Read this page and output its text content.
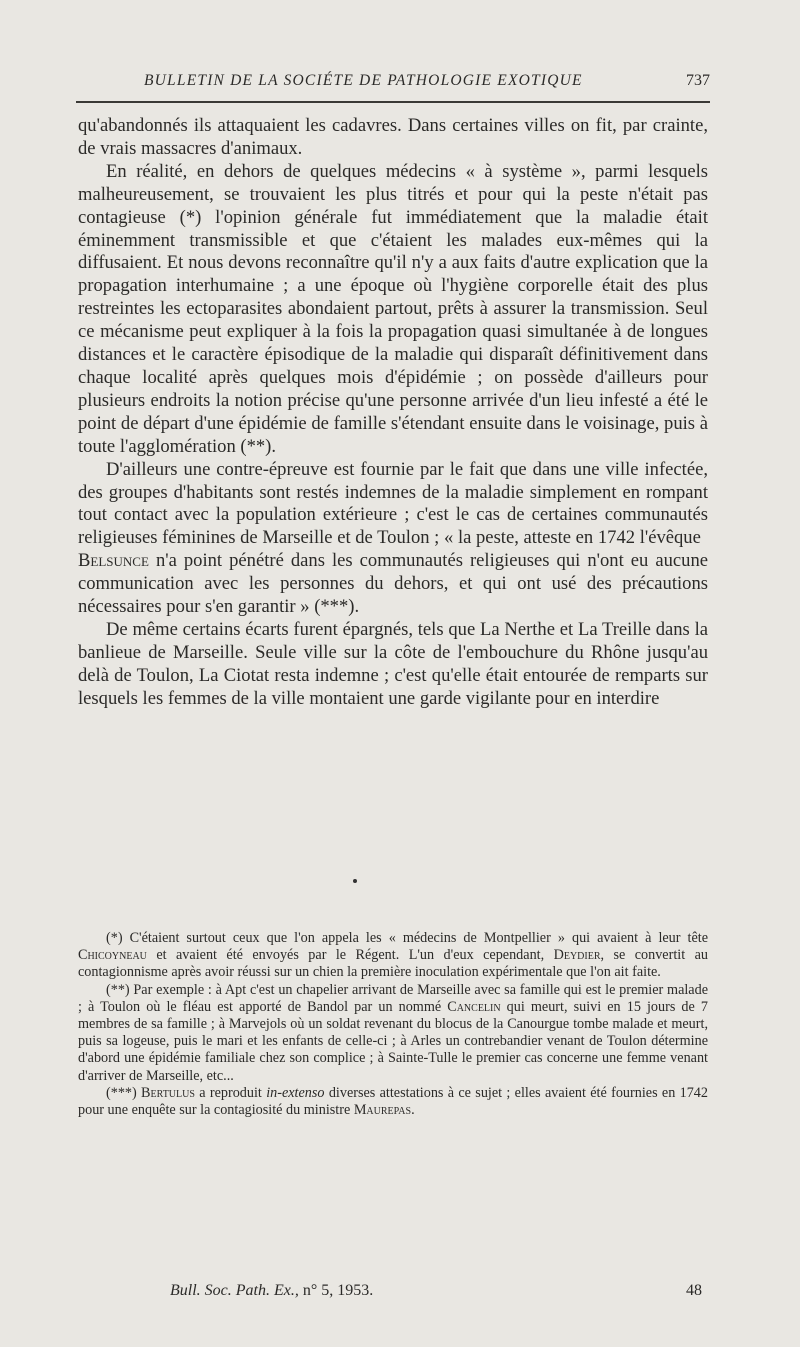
BULLETIN DE LA SOCIÉTE DE PATHOLOGIE EXOTIQUE	737

qu'abandonnés ils attaquaient les cadavres. Dans certaines villes on fit, par crainte, de vrais massacres d'animaux.

En réalité, en dehors de quelques médecins « à système », parmi lesquels malheureusement, se trouvaient les plus titrés et pour qui la peste n'était pas contagieuse (*) l'opinion générale fut immédiatement que la maladie était éminemment transmissible et que c'étaient les malades eux-mêmes qui la diffusaient. Et nous devons reconnaître qu'il n'y a aux faits d'autre explication que la propagation interhumaine ; a une époque où l'hygiène corporelle était des plus restreintes les ectoparasites abondaient partout, prêts à assurer la transmission. Seul ce mécanisme peut expliquer à la fois la propagation quasi simultanée à de longues distances et le caractère épisodique de la maladie qui disparaît définitivement dans chaque localité après quelques mois d'épidémie ; on possède d'ailleurs pour plusieurs endroits la notion précise qu'une personne arrivée d'un lieu infesté a été le point de départ d'une épidémie de famille s'étendant ensuite dans le voisinage, puis à toute l'agglomération (**).

D'ailleurs une contre-épreuve est fournie par le fait que dans une ville infectée, des groupes d'habitants sont restés indemnes de la maladie simplement en rompant tout contact avec la population extérieure ; c'est le cas de certaines communautés religieuses féminines de Marseille et de Toulon ; « la peste, atteste en 1742 l'évêque
Belsunce n'a point pénétré dans les communautés religieuses qui n'ont eu aucune communication avec les personnes du dehors, et qui ont usé des précautions nécessaires pour s'en garantir » (***).

De même certains écarts furent épargnés, tels que La Nerthe et La Treille dans la banlieue de Marseille. Seule ville sur la côte de l'embouchure du Rhône jusqu'au delà de Toulon, La Ciotat resta indemne ; c'est qu'elle était entourée de remparts sur lesquels les femmes de la ville montaient une garde vigilante pour en interdire

(*) C'étaient surtout ceux que l'on appela les « médecins de Montpellier » qui avaient à leur tête Chicoyneau et avaient été envoyés par le Régent. L'un d'eux cependant, Deydier, se convertit au contagionnisme après avoir réussi sur un chien la première inoculation expérimentale que l'on ait faite.

(**) Par exemple : à Apt c'est un chapelier arrivant de Marseille avec sa famille qui est le premier malade ; à Toulon où le fléau est apporté de Bandol par un nommé Cancelin qui meurt, suivi en 15 jours de 7 membres de sa famille ; à Marvejols où un soldat revenant du blocus de la Canourgue tombe malade et meurt, puis sa logeuse, puis le mari et les enfants de celle-ci ; à Arles un contrebandier venant de Toulon détermine d'abord une épidémie familiale chez son complice ; à Sainte-Tulle le premier cas concerne une femme venant d'arriver de Marseille, etc...

(***) Bertulus a reproduit in-extenso diverses attestations à ce sujet ; elles avaient été fournies en 1742 pour une enquête sur la contagiosité du ministre Maurepas.

Bull. Soc. Path. Ex., n° 5, 1953.	48
